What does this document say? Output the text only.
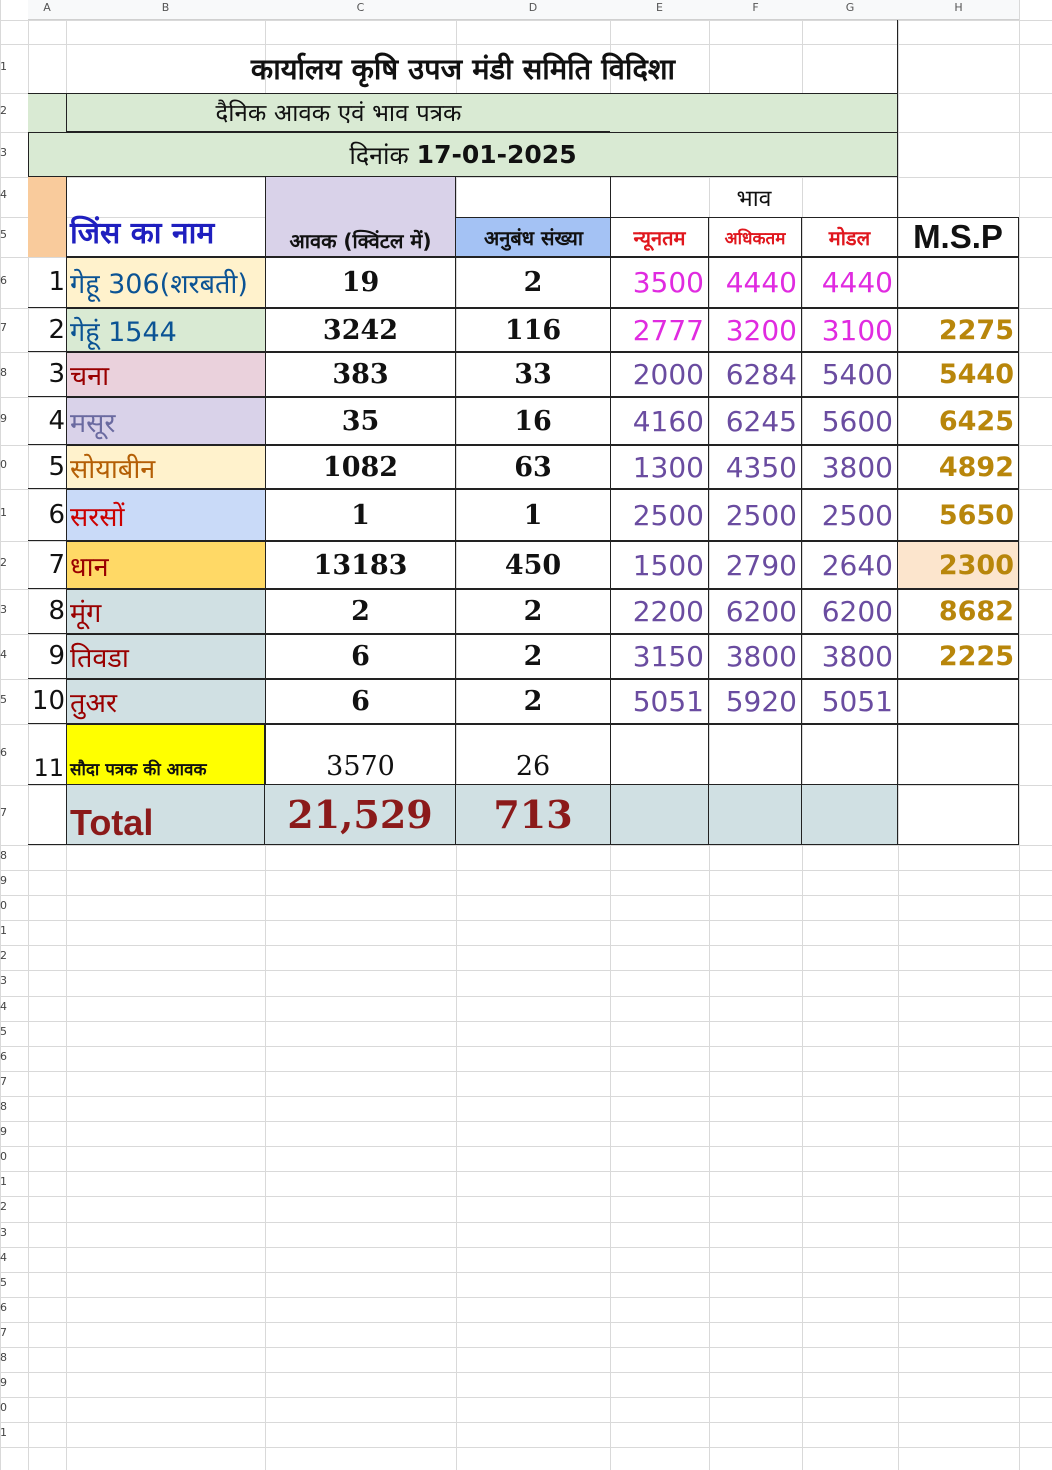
A	B	C	D	E	F	G	H
1
2
3
4
5
6
7
8
9
0
1
2
3
4
5
6
7
8
9
0
1
2
3
4
5
6
7
8
9
0
1
2
3
4
5
6
7
8
9
0
1
कार्यालय कृषि उपज मंडी समिति विदिशा
दैनिक आवक एवं भाव पत्रक
दिनांक
17-01-2025
जिंस का नाम	आवक (क्विंटल में)	अनुबंध संख्या
भाव
न्यूनतम अधिकतम मोडल M.S.P
1 गेहू 306(शरबती)	19	2	3500 4440 4440
2 गेहूं 1544	3242	116	2777 3200 3100 2275
3 चना	383	33	2000 6284 5400 5440
4 मसूर	35	16	4160 6245 5600 6425
5 सोयाबीन	1082	63	1300 4350 3800 4892
6 सरसों	1	1	2500 2500 2500 5650
7 धान	13183	450	1500 2790 2640 2300
8 मूंग	2	2	2200 6200 6200 8682
9 तिवडा	6	2	3150 3800 3800 2225
10 तुअर	6	2	5051 5920 5051
11 सौदा पत्रक की आवक	3570	26
Total	21,529 713
